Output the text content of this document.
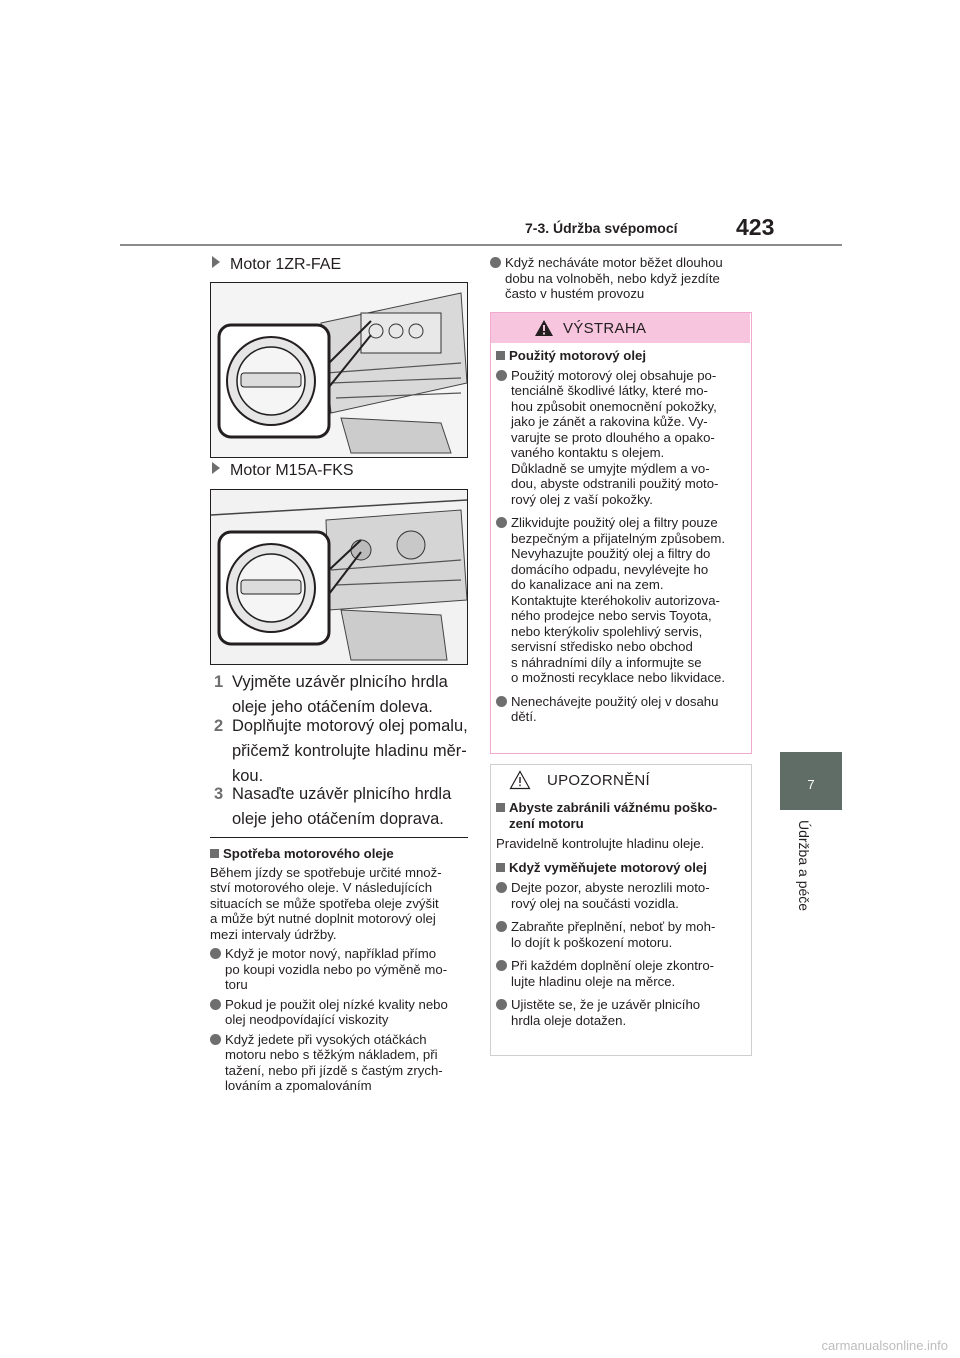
7-3. Údržba svépomocí	423
7
Údržba a péče
Motor 1ZR-FAE
Motor M15A-FKS
1 Vyjměte uzávěr plnicího hrdla
oleje jeho otáčením doleva.
2 Doplňujte motorový olej pomalu,
přičemž kontrolujte hladinu měr-
kou.
3 Nasaďte uzávěr plnicího hrdla
oleje jeho otáčením doprava.
Spotřeba motorového oleje
Během jízdy se spotřebuje určité množ-
ství motorového oleje. V následujících
situacích se může spotřeba oleje zvýšit
a může být nutné doplnit motorový olej
mezi intervaly údržby.
Když je motor nový, například přímo
po koupi vozidla nebo po výměně mo-
toru
Pokud je použit olej nízké kvality nebo
olej neodpovídající viskozity
Když jedete při vysokých otáčkách
motoru nebo s těžkým nákladem, při
tažení, nebo při jízdě s častým zrych-
lováním a zpomalováním
Když necháváte motor běžet dlouhou
dobu na volnoběh, nebo když jezdíte
často v hustém provozu
VÝSTRAHA
Použitý motorový olej
Použitý motorový olej obsahuje po-
tenciálně škodlivé látky, které mo-
hou způsobit onemocnění pokožky,
jako je zánět a rakovina kůže. Vy-
varujte se proto dlouhého a opako-
vaného kontaktu s olejem.
Důkladně se umyjte mýdlem a vo-
dou, abyste odstranili použitý moto-
rový olej z vaší pokožky.
Zlikvidujte použitý olej a filtry pouze
bezpečným a přijatelným způsobem.
Nevyhazujte použitý olej a filtry do
domácího odpadu, nevylévejte ho
do kanalizace ani na zem.
Kontaktujte kteréhokoliv autorizova-
ného prodejce nebo servis Toyota,
nebo kterýkoliv spolehlivý servis,
servisní středisko nebo obchod
s náhradními díly a informujte se
o možnosti recyklace nebo likvidace.
Nenechávejte použitý olej v dosahu
dětí.
UPOZORNĚNÍ
Abyste zabránili vážnému poško-
zení motoru
Pravidelně kontrolujte hladinu oleje.
Když vyměňujete motorový olej
Dejte pozor, abyste nerozlili moto-
rový olej na součásti vozidla.
Zabraňte přeplnění, neboť by moh-
lo dojít k poškození motoru.
Při každém doplnění oleje zkontro-
lujte hladinu oleje na měrce.
Ujistěte se, že je uzávěr plnicího
hrdla oleje dotažen.
carmanualsonline.info
